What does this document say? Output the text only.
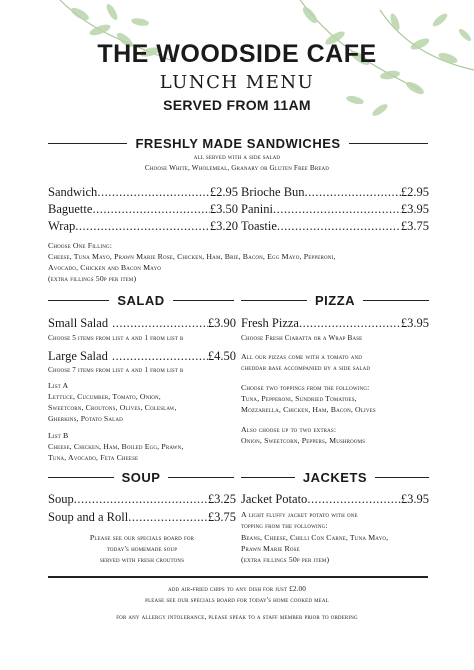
THE WOODSIDE CAFE
LUNCH MENU
SERVED FROM 11AM
FRESHLY MADE SANDWICHES
all served with a side salad
Choose White, Wholemeal, Granary or Gluten Free Bread
Sandwich .....	£2.95
Baguette .....	£3.50
Wrap .....	£3.20
Brioche Bun .....	£2.95
Panini .....	£3.95
Toastie .....	£3.75
Choose One Filling:
Cheese, Tuna Mayo, Prawn Marie Rose, Chicken, Ham, Brie, Bacon, Egg Mayo, Pepperoni,
Avocado, Chicken and Bacon Mayo
(extra fillings 50p per item)
SALAD	PIZZA
Small Salad .....	£3.90
Choose 5 items from list a and 1 from list b
Large Salad .....	£4.50
Choose 7 items from list a and 1 from list b
List A
Lettuce, Cucumber, Tomato, Onion,
Sweetcorn, Croutons, Olives, Coleslaw,
Gherkins, Potato Salad
List B
Cheese, Chicken, Ham, Boiled Egg, Prawn,
Tuna, Avocado, Feta Cheese
Fresh Pizza .....	£3.95
Choose Fresh Ciabatta or a Wrap Base
All our pizzas come with a tomato and
cheddar base accompanied by a side salad
Choose two toppings from the following:
Tuna, Pepperoni, Sundried Tomatoes,
Mozzarella, Chicken, Ham, Bacon, Olives
Also choose up to two extras:
Onion, Sweetcorn, Peppers, Mushrooms
SOUP	JACKETS
Soup .....	£3.25
Soup and a Roll .....	£3.75
Please see our specials board for
today's homemade soup
served with fresh croutons
Jacket Potato .....	£3.95
A light fluffy jacket potato with one
topping from the following:
Beans, Cheese, Chilli Con Carne, Tuna Mayo,
Prawn Marie Rose
(extra fillings 50p per item)
add air-fried chips to any dish for just £2.00
please see our specials board for today's home cooked meal
for any allergy intolerance, please speak to a staff member prior to ordering
